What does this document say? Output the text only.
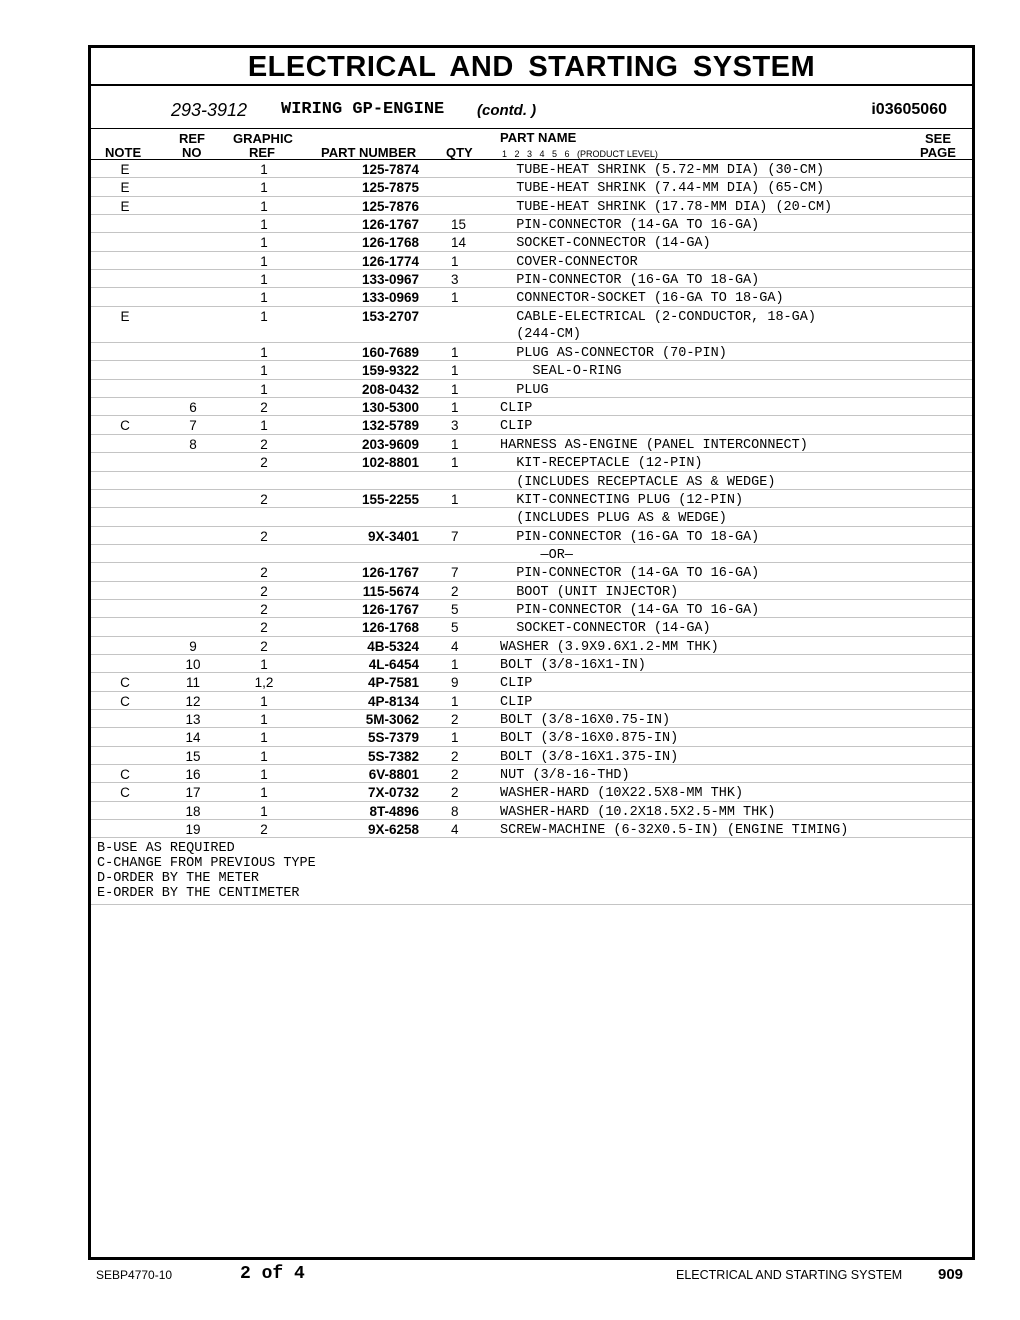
ELECTRICAL AND STARTING SYSTEM
293-3912 WIRING GP-ENGINE (contd. )	i03605060
NOTE
REF
NO
GRAPHIC
REF	PART NUMBER QTY
PART NAME
1   2   3   4   5   6   (PRODUCT LEVEL)
SEE
PAGE
E	1	125-7874	TUBE-HEAT SHRINK (5.72-MM DIA) (30-CM)
E	1	125-7875	TUBE-HEAT SHRINK (7.44-MM DIA) (65-CM)
E	1	125-7876	TUBE-HEAT SHRINK (17.78-MM DIA) (20-CM)
1	126-1767	15	PIN-CONNECTOR (14-GA TO 16-GA)
1	126-1768	14	SOCKET-CONNECTOR (14-GA)
1	126-1774	1	COVER-CONNECTOR
1	133-0967	3	PIN-CONNECTOR (16-GA TO 18-GA)
1	133-0969	1	CONNECTOR-SOCKET (16-GA TO 18-GA)
E	1	153-2707	CABLE-ELECTRICAL (2-CONDUCTOR, 18-GA)
(244-CM)
1	160-7689	1	PLUG AS-CONNECTOR (70-PIN)
1	159-9322	1	SEAL-O-RING
1	208-0432	1	PLUG
6	2	130-5300	1	CLIP
C	7	1	132-5789	3	CLIP
8	2	203-9609	1	HARNESS AS-ENGINE (PANEL INTERCONNECT)
2	102-8801	1	KIT-RECEPTACLE (12-PIN)
(INCLUDES RECEPTACLE AS & WEDGE)
2	155-2255	1	KIT-CONNECTING PLUG (12-PIN)
(INCLUDES PLUG AS & WEDGE)
2	9X-3401	7	PIN-CONNECTOR (16-GA TO 18-GA)
—OR—
2	126-1767	7	PIN-CONNECTOR (14-GA TO 16-GA)
2	115-5674	2	BOOT (UNIT INJECTOR)
2	126-1767	5	PIN-CONNECTOR (14-GA TO 16-GA)
2	126-1768	5	SOCKET-CONNECTOR (14-GA)
9	2	4B-5324	4	WASHER (3.9X9.6X1.2-MM THK)
10	1	4L-6454	1	BOLT (3/8-16X1-IN)
C	11	1,2	4P-7581	9	CLIP
C	12	1	4P-8134	1	CLIP
13	1	5M-3062	2	BOLT (3/8-16X0.75-IN)
14	1	5S-7379	1	BOLT (3/8-16X0.875-IN)
15	1	5S-7382	2	BOLT (3/8-16X1.375-IN)
C	16	1	6V-8801	2	NUT (3/8-16-THD)
C	17	1	7X-0732	2	WASHER-HARD (10X22.5X8-MM THK)
18	1	8T-4896	8	WASHER-HARD (10.2X18.5X2.5-MM THK)
19	2	9X-6258	4	SCREW-MACHINE (6-32X0.5-IN) (ENGINE TIMING)
B-USE AS REQUIRED
C-CHANGE FROM PREVIOUS TYPE
D-ORDER BY THE METER
E-ORDER BY THE CENTIMETER
SEBP4770-10	2 of 4	ELECTRICAL AND STARTING SYSTEM 909
